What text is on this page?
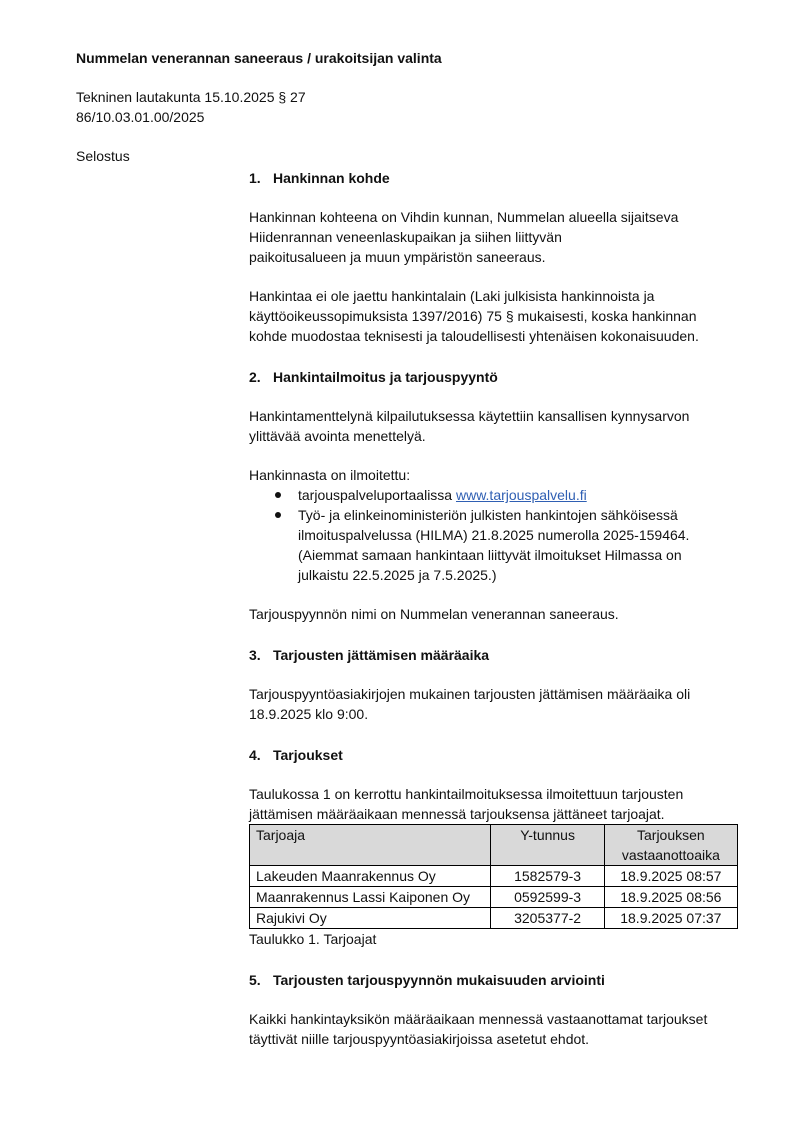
Nummelan venerannan saneeraus / urakoitsijan valinta
Tekninen lautakunta 15.10.2025 § 27
86/10.03.01.00/2025
Selostus
1. Hankinnan kohde

Hankinnan kohteena on Vihdin kunnan, Nummelan alueella sijaitseva
Hiidenrannan veneenlaskupaikan ja siihen liittyvän
paikoitusalueen ja muun ympäristön saneeraus.

Hankintaa ei ole jaettu hankintalain (Laki julkisista hankinnoista ja
käyttöoikeussopimuksista 1397/2016) 75 § mukaisesti, koska hankinnan
kohde muodostaa teknisesti ja taloudellisesti yhtenäisen kokonaisuuden.

2. Hankintailmoitus ja tarjouspyyntö

Hankintamenttelynä kilpailutuksessa käytettiin kansallisen kynnysarvon
ylittävää avointa menettelyä.

Hankinnasta on ilmoitettu:

tarjouspalveluportaalissa www.tarjouspalvelu.fi
Työ- ja elinkeinoministeriön julkisten hankintojen sähköisessä
ilmoituspalvelussa (HILMA) 21.8.2025 numerolla 2025-159464.
(Aiemmat samaan hankintaan liittyvät ilmoitukset Hilmassa on
julkaistu 22.5.2025 ja 7.5.2025.)

Tarjouspyynnön nimi on Nummelan venerannan saneeraus.

3. Tarjousten jättämisen määräaika

Tarjouspyyntöasiakirjojen mukainen tarjousten jättämisen määräaika oli
18.9.2025 klo 9:00.

4. Tarjoukset

Taulukossa 1 on kerrottu hankintailmoituksessa ilmoitettuun tarjousten
jättämisen määräaikaan mennessä tarjouksensa jättäneet tarjoajat.

Tarjoaja	Y-tunnus	Tarjouksen vastaanottoaika
Lakeuden Maanrakennus Oy	1582579-3	18.9.2025 08:57
Maanrakennus Lassi Kaiponen Oy	0592599-3	18.9.2025 08:56
Rajukivi Oy	3205377-2	18.9.2025 07:37

Taulukko 1. Tarjoajat

5. Tarjousten tarjouspyynnön mukaisuuden arviointi

Kaikki hankintayksikön määräaikaan mennessä vastaanottamat tarjoukset
täyttivät niille tarjouspyyntöasiakirjoissa asetetut ehdot.
